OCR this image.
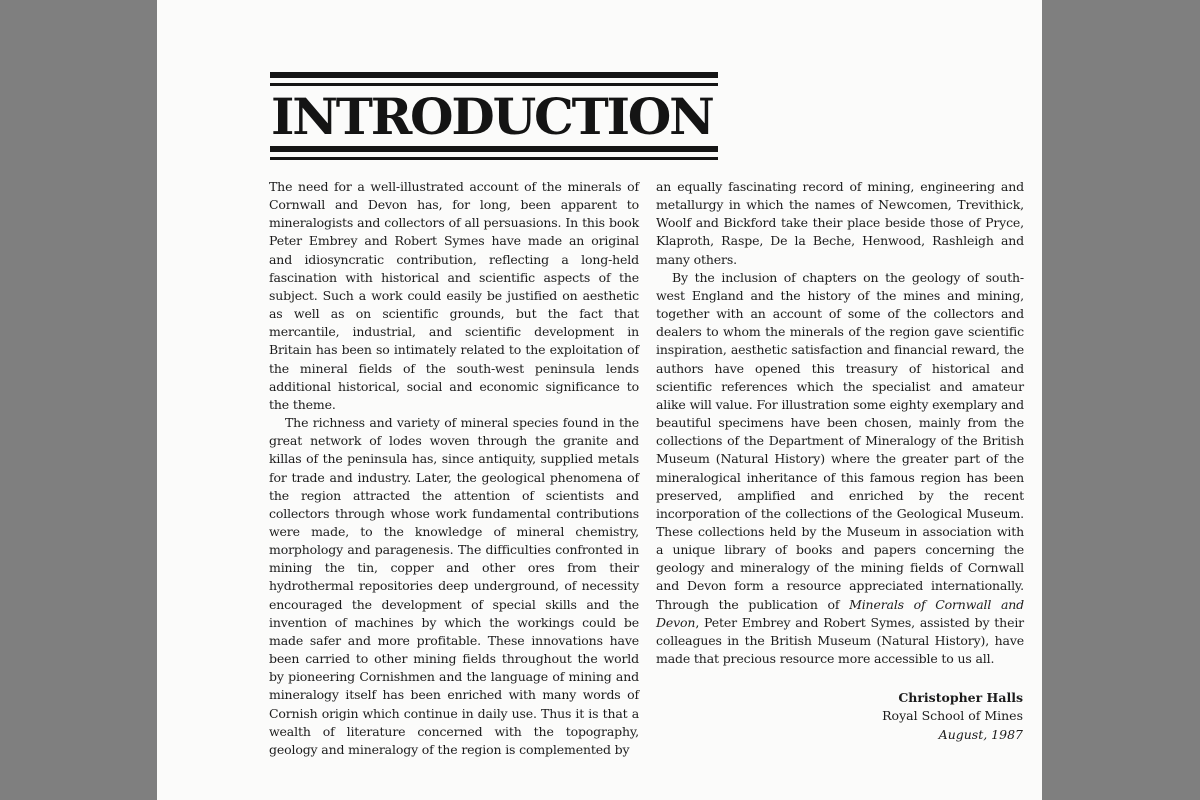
INTRODUCTION

The need for a well-illustrated account of the minerals of Cornwall and Devon has, for long, been apparent to mineralogists and collectors of all persuasions. In this book Peter Embrey and Robert Symes have made an original and idiosyncratic contribution, reflecting a long-held fascination with historical and scientific aspects of the subject. Such a work could easily be justified on aesthetic as well as on scientific grounds, but the fact that mercantile, industrial, and scientific development in Britain has been so intimately related to the exploitation of the mineral fields of the south-west peninsula lends additional historical, social and economic significance to the theme.

The richness and variety of mineral species found in the great network of lodes woven through the granite and killas of the peninsula has, since antiquity, supplied metals for trade and industry. Later, the geological phenomena of the region attracted the attention of scientists and collectors through whose work fundamental contributions were made, to the knowledge of mineral chemistry, morphology and paragenesis. The difficulties confronted in mining the tin, copper and other ores from their hydrothermal repositories deep underground, of necessity encouraged the development of special skills and the invention of machines by which the workings could be made safer and more profitable. These innovations have been carried to other mining fields throughout the world by pioneering Cornishmen and the language of mining and mineralogy itself has been enriched with many words of Cornish origin which continue in daily use. Thus it is that a wealth of literature concerned with the topography, geology and mineralogy of the region is complemented by

an equally fascinating record of mining, engineering and metallurgy in which the names of Newcomen, Trevithick, Woolf and Bickford take their place beside those of Pryce, Klaproth, Raspe, De la Beche, Henwood, Rashleigh and many others.

By the inclusion of chapters on the geology of south-west England and the history of the mines and mining, together with an account of some of the collectors and dealers to whom the minerals of the region gave scientific inspiration, aesthetic satisfaction and financial reward, the authors have opened this treasury of historical and scientific references which the specialist and amateur alike will value. For illustration some eighty exemplary and beautiful specimens have been chosen, mainly from the collections of the Department of Mineralogy of the British Museum (Natural History) where the greater part of the mineralogical inheritance of this famous region has been preserved, amplified and enriched by the recent incorporation of the collections of the Geological Museum. These collections held by the Museum in association with a unique library of books and papers concerning the geology and mineralogy of the mining fields of Cornwall and Devon form a resource appreciated internationally. Through the publication of Minerals of Cornwall and Devon, Peter Embrey and Robert Symes, assisted by their colleagues in the British Museum (Natural History), have made that precious resource more accessible to us all.

Christopher Halls
Royal School of Mines
August, 1987
